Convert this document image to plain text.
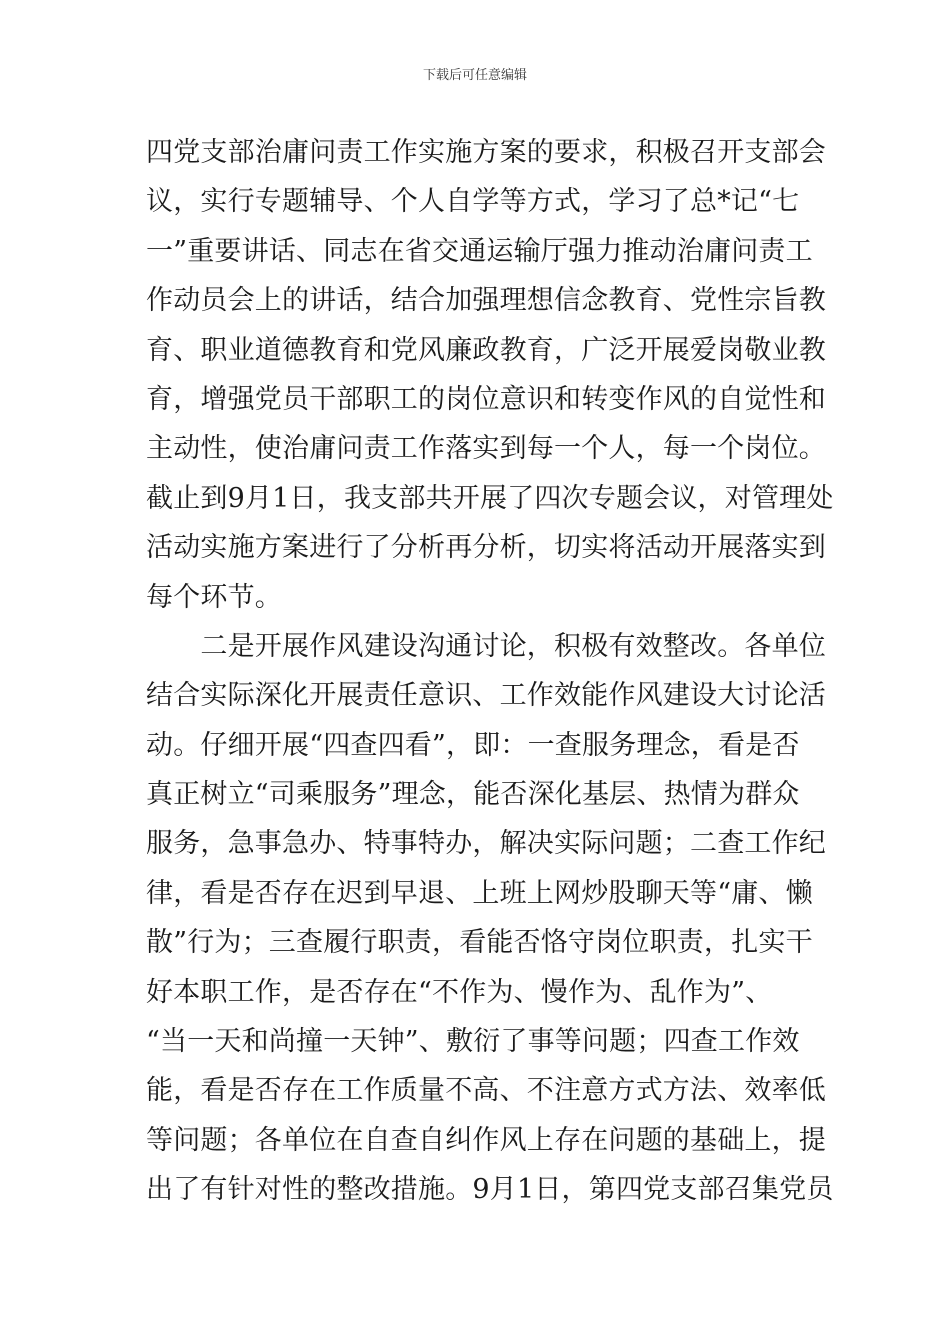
下载后可任意编辑
四党支部治庸问责工作实施方案的要求，积极召开支部会
议，实行专题辅导、个人自学等方式，学习了总*记“七
一”重要讲话、同志在省交通运输厅强力推动治庸问责工
作动员会上的讲话，结合加强理想信念教育、党性宗旨教
育、职业道德教育和党风廉政教育，广泛开展爱岗敬业教
育，增强党员干部职工的岗位意识和转变作风的自觉性和
主动性，使治庸问责工作落实到每一个人，每一个岗位。
截止到9月1日，我支部共开展了四次专题会议，对管理处
活动实施方案进行了分析再分析，切实将活动开展落实到
每个环节。
　　二是开展作风建设沟通讨论，积极有效整改。各单位
结合实际深化开展责任意识、工作效能作风建设大讨论活
动。仔细开展“四查四看”，即：一查服务理念，看是否
真正树立“司乘服务”理念，能否深化基层、热情为群众
服务，急事急办、特事特办，解决实际问题；二查工作纪
律，看是否存在迟到早退、上班上网炒股聊天等“庸、懒
散”行为；三查履行职责，看能否恪守岗位职责，扎实干
好本职工作，是否存在“不作为、慢作为、乱作为”、
“当一天和尚撞一天钟”、敷衍了事等问题；四查工作效
能，看是否存在工作质量不高、不注意方式方法、效率低
等问题；各单位在自查自纠作风上存在问题的基础上，提
出了有针对性的整改措施。9月1日，第四党支部召集党员
